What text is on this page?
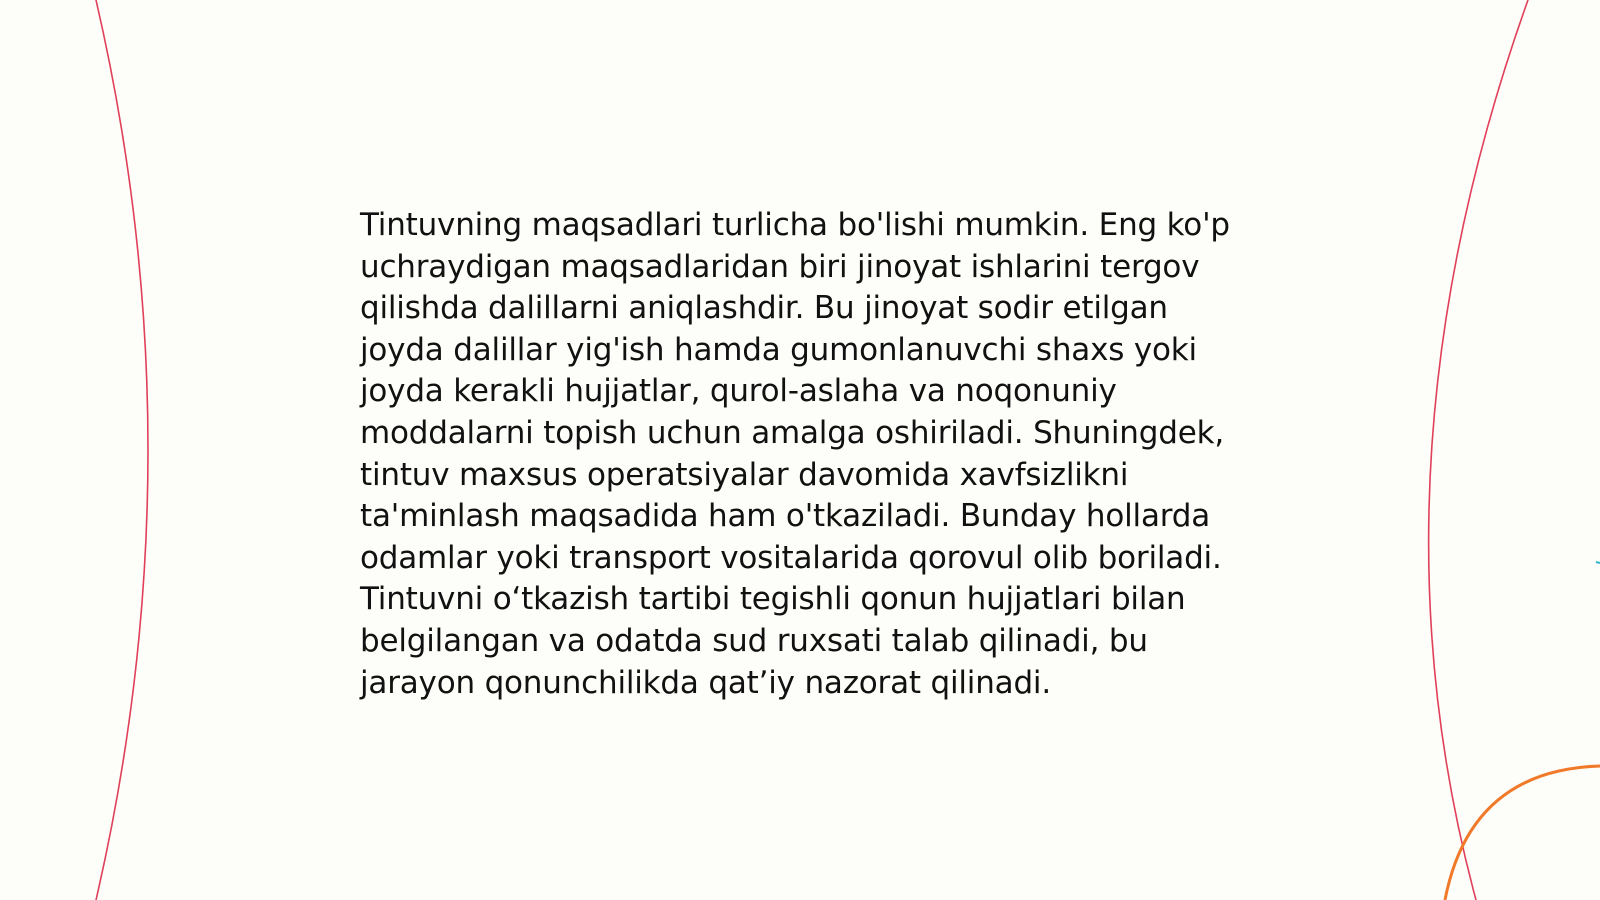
Tintuvning maqsadlari turlicha bo'lishi mumkin. Eng ko'p uchraydigan maqsadlaridan biri jinoyat ishlarini tergov qilishda dalillarni aniqlashdir. Bu jinoyat sodir etilgan joyda dalillar yig'ish hamda gumonlanuvchi shaxs yoki joyda kerakli hujjatlar, qurol-aslaha va noqonuniy moddalarni topish uchun amalga oshiriladi. Shuningdek, tintuv maxsus operatsiyalar davomida xavfsizlikni ta'minlash maqsadida ham o'tkaziladi. Bunday hollarda odamlar yoki transport vositalarida qorovul olib boriladi. Tintuvni o‘tkazish tartibi tegishli qonun hujjatlari bilan belgilangan va odatda sud ruxsati talab qilinadi, bu jarayon qonunchilikda qat’iy nazorat qilinadi.
